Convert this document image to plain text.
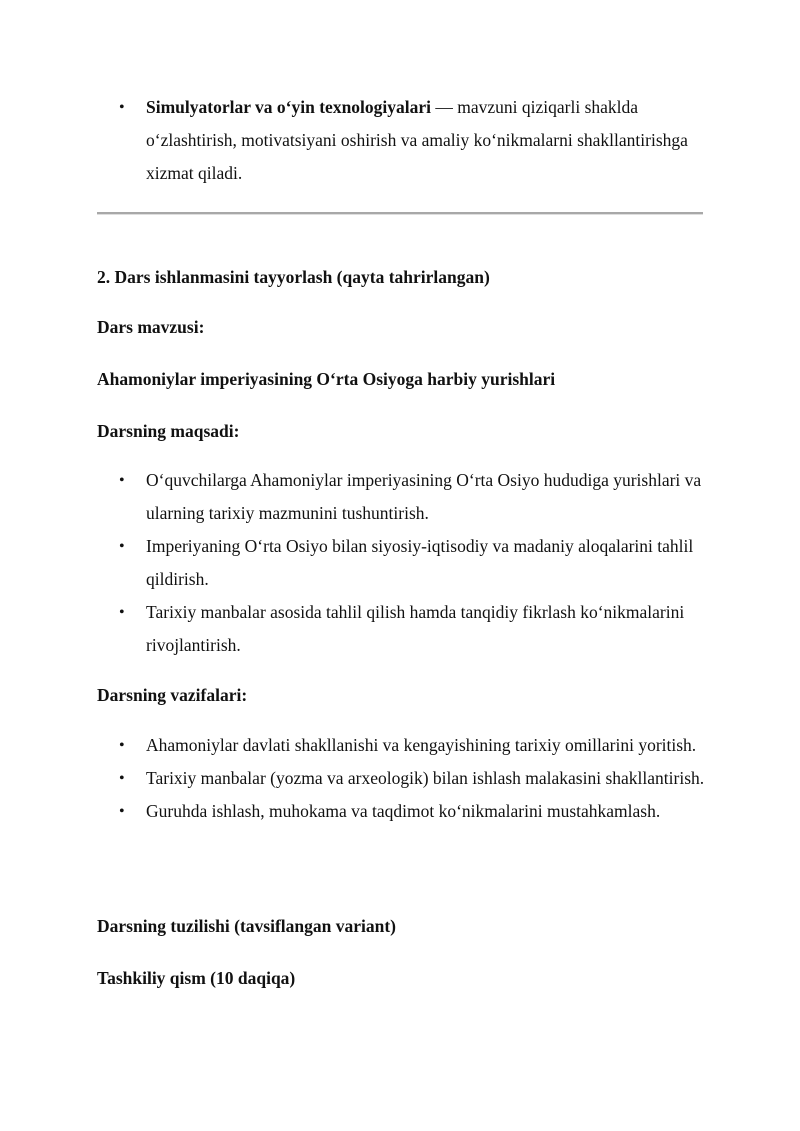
• Simulyatorlar va o‘yin texnologiyalari — mavzuni qiziqarli shaklda o‘zlashtirish, motivatsiyani oshirish va amaliy ko‘nikmalarni shakllantirishga xizmat qiladi.
2. Dars ishlanmasini tayyorlash (qayta tahrirlangan)

Dars mavzusi:

Ahamoniylar imperiyasining O‘rta Osiyoga harbiy yurishlari

Darsning maqsadi:

• O‘quvchilarga Ahamoniylar imperiyasining O‘rta Osiyo hududiga yurishlari va ularning tarixiy mazmunini tushuntirish.
• Imperiyaning O‘rta Osiyo bilan siyosiy-iqtisodiy va madaniy aloqalarini tahlil qildirish.
• Tarixiy manbalar asosida tahlil qilish hamda tanqidiy fikrlash ko‘nikmalarini rivojlantirish.

Darsning vazifalari:

• Ahamoniylar davlati shakllanishi va kengayishining tarixiy omillarini yoritish.
• Tarixiy manbalar (yozma va arxeologik) bilan ishlash malakasini shakllantirish.
• Guruhda ishlash, muhokama va taqdimot ko‘nikmalarini mustahkamlash.

Darsning tuzilishi (tavsiflangan variant)

Tashkiliy qism (10 daqiqa)
